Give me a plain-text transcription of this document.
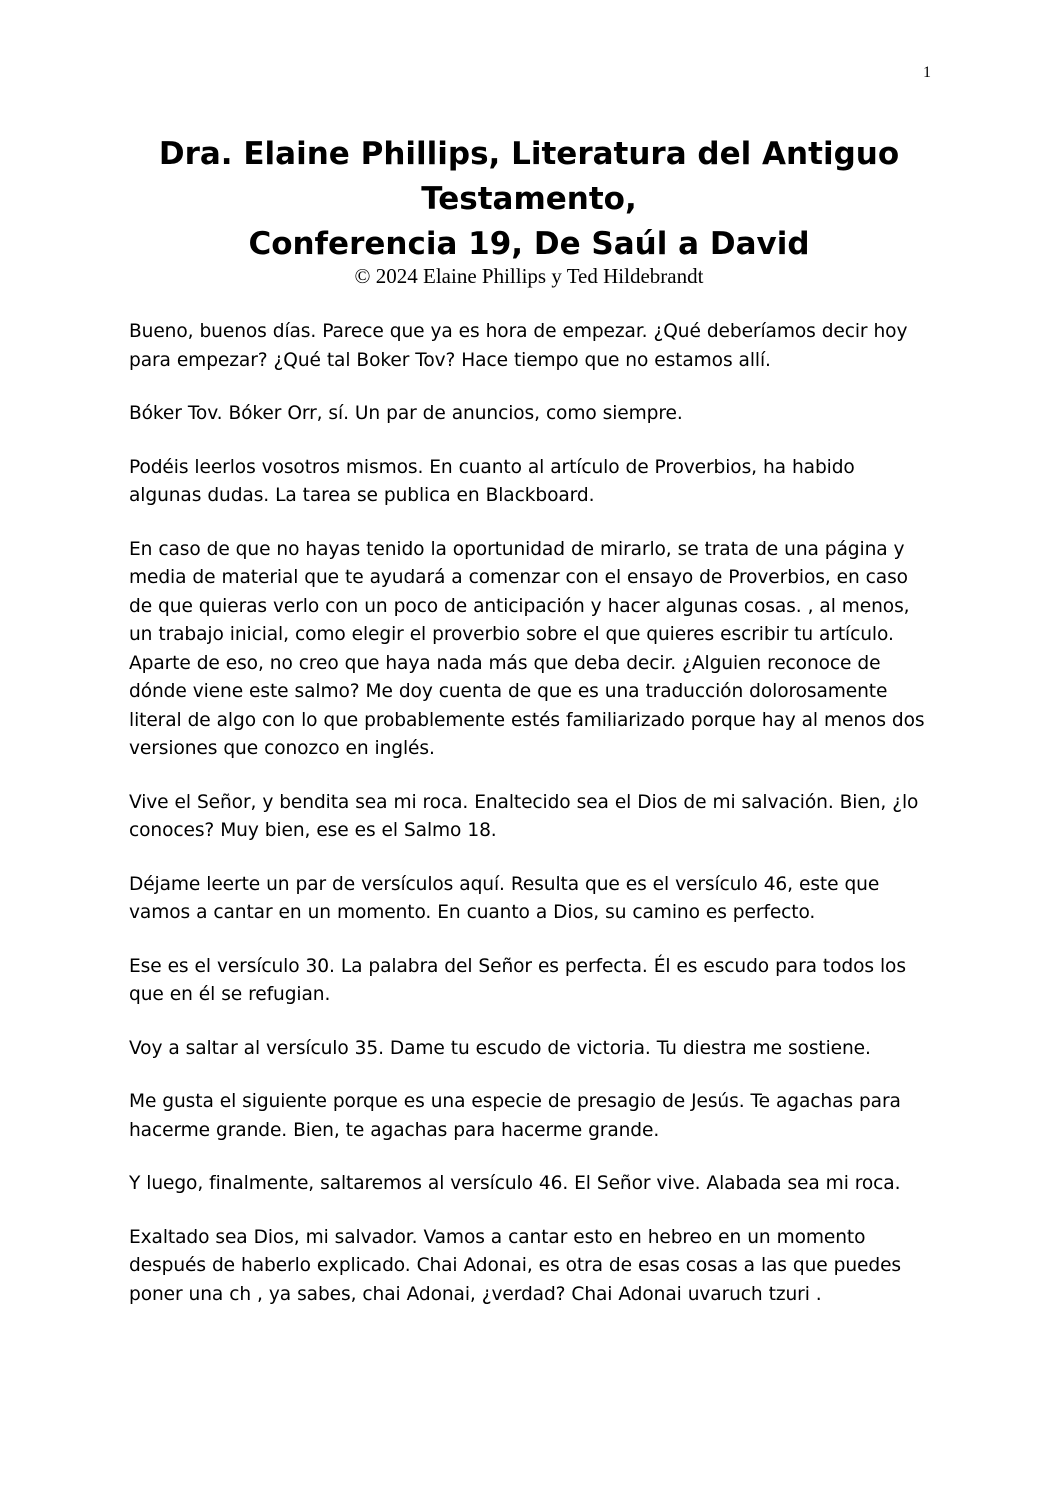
1
Dra. Elaine Phillips, Literatura del Antiguo
Testamento,
Conferencia 19, De Saúl a David
© 2024 Elaine Phillips y Ted Hildebrandt

Bueno, buenos días. Parece que ya es hora de empezar. ¿Qué deberíamos decir hoy para empezar? ¿Qué tal Boker Tov? Hace tiempo que no estamos allí.

Bóker Tov. Bóker Orr, sí. Un par de anuncios, como siempre.

Podéis leerlos vosotros mismos. En cuanto al artículo de Proverbios, ha habido algunas dudas. La tarea se publica en Blackboard.

En caso de que no hayas tenido la oportunidad de mirarlo, se trata de una página y media de material que te ayudará a comenzar con el ensayo de Proverbios, en caso de que quieras verlo con un poco de anticipación y hacer algunas cosas. , al menos, un trabajo inicial, como elegir el proverbio sobre el que quieres escribir tu artículo. Aparte de eso, no creo que haya nada más que deba decir. ¿Alguien reconoce de dónde viene este salmo? Me doy cuenta de que es una traducción dolorosamente literal de algo con lo que probablemente estés familiarizado porque hay al menos dos versiones que conozco en inglés.

Vive el Señor, y bendita sea mi roca. Enaltecido sea el Dios de mi salvación. Bien, ¿lo conoces? Muy bien, ese es el Salmo 18.

Déjame leerte un par de versículos aquí. Resulta que es el versículo 46, este que vamos a cantar en un momento. En cuanto a Dios, su camino es perfecto.

Ese es el versículo 30. La palabra del Señor es perfecta. Él es escudo para todos los que en él se refugian.

Voy a saltar al versículo 35. Dame tu escudo de victoria. Tu diestra me sostiene.

Me gusta el siguiente porque es una especie de presagio de Jesús. Te agachas para hacerme grande. Bien, te agachas para hacerme grande.

Y luego, finalmente, saltaremos al versículo 46. El Señor vive. Alabada sea mi roca.

Exaltado sea Dios, mi salvador. Vamos a cantar esto en hebreo en un momento después de haberlo explicado. Chai Adonai, es otra de esas cosas a las que puedes poner una ch , ya sabes, chai Adonai, ¿verdad? Chai Adonai uvaruch tzuri .
